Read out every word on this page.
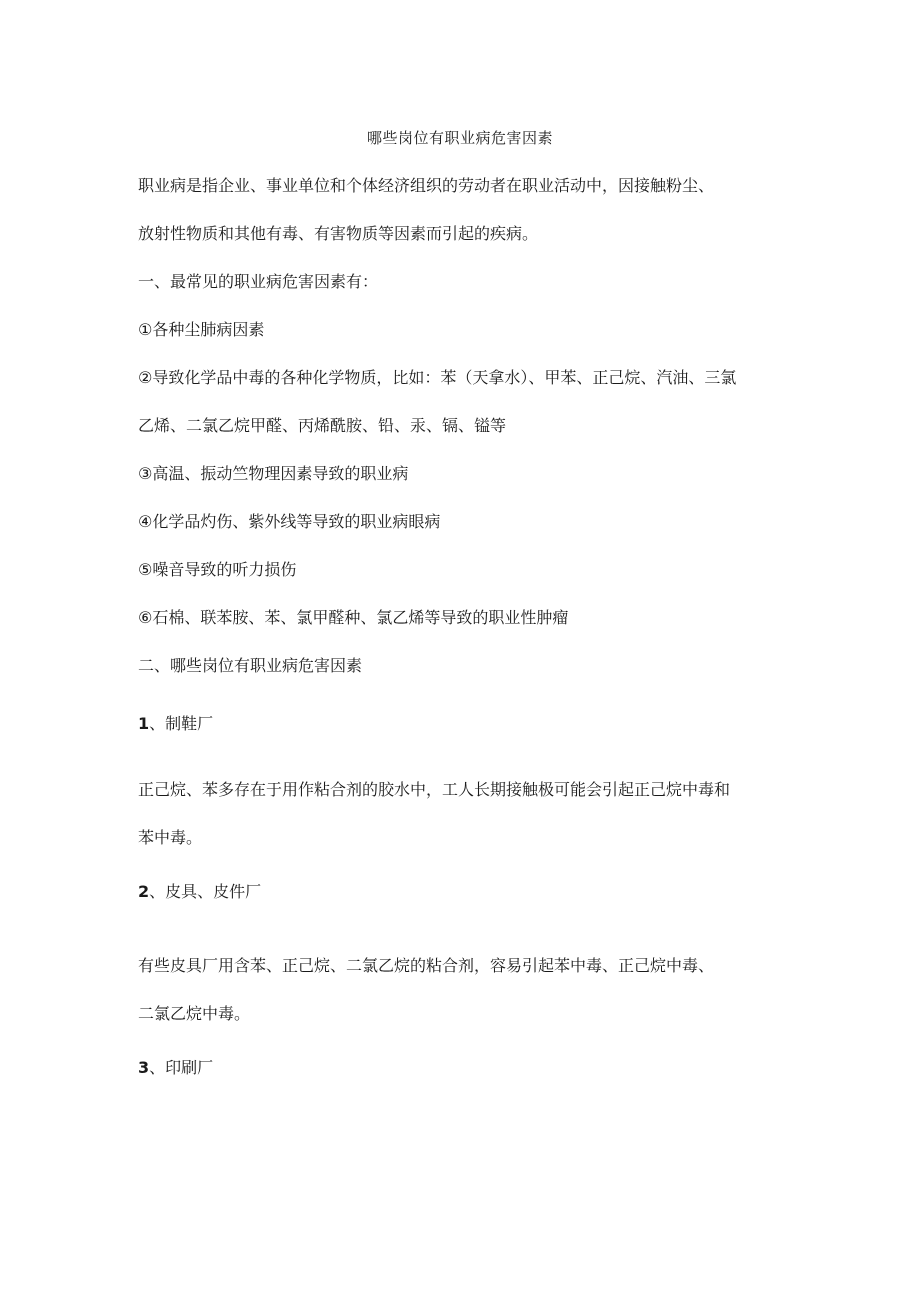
哪些岗位有职业病危害因素
职业病是指企业、事业单位和个体经济组织的劳动者在职业活动中，因接触粉尘、
放射性物质和其他有毒、有害物质等因素而引起的疾病。
一、最常见的职业病危害因素有：
①各种尘肺病因素
②导致化学品中毒的各种化学物质，比如：苯（天拿水）、甲苯、正己烷、汽油、三氯
乙烯、二氯乙烷甲醛、丙烯酰胺、铅、汞、镉、镒等
③高温、振动竺物理因素导致的职业病
④化学品灼伤、紫外线等导致的职业病眼病
⑤噪音导致的听力损伤
⑥石棉、联苯胺、苯、氯甲醛种、氯乙烯等导致的职业性肿瘤
二、哪些岗位有职业病危害因素
1、制鞋厂
正己烷、苯多存在于用作粘合剂的胶水中，工人长期接触极可能会引起正己烷中毒和
苯中毒。
2、皮具、皮件厂
有些皮具厂用含苯、正己烷、二氯乙烷的粘合剂，容易引起苯中毒、正己烷中毒、
二氯乙烷中毒。
3、印刷厂
